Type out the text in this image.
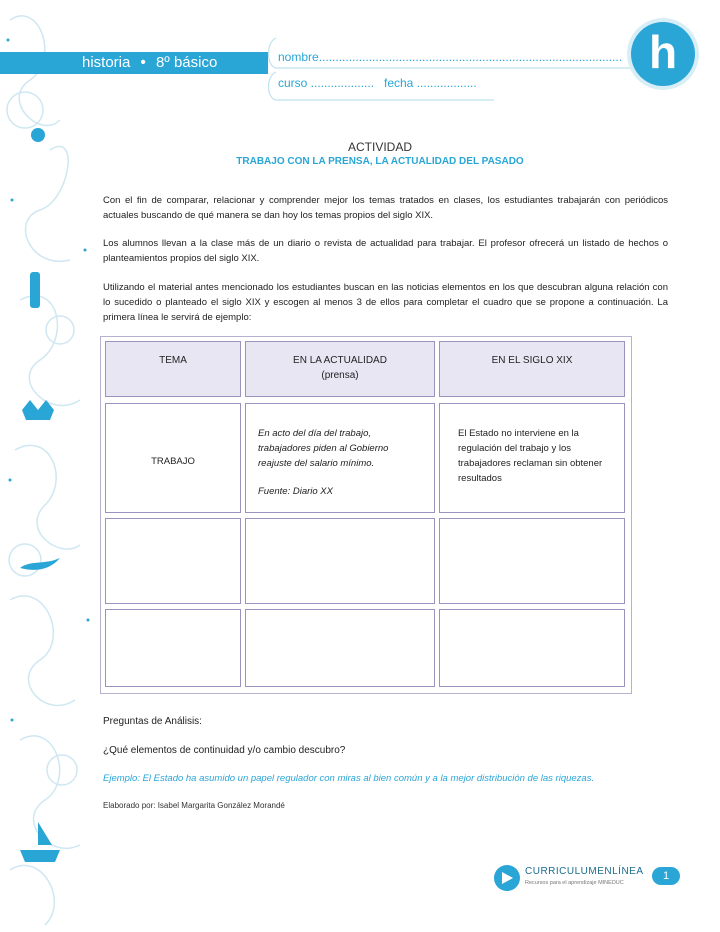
historia • 8º básico	nombre...........................................................................................
curso ................... fecha ..................
h
ACTIVIDAD
TRABAJO CON LA PRENSA, LA ACTUALIDAD DEL PASADO
Con el fin de comparar, relacionar y comprender mejor los temas tratados en clases, los estudiantes trabajarán con periódicos actuales buscando de qué manera se dan hoy los temas propios del siglo XIX.
Los alumnos llevan a la clase más de un diario o revista de actualidad para trabajar. El profesor ofrecerá un listado de hechos o planteamientos propios del siglo XIX.
Utilizando el material antes mencionado los estudiantes buscan en las noticias elementos en los que descubran alguna relación con lo sucedido o planteado el siglo XIX y escogen al menos 3 de ellos para completar el cuadro que se propone a continuación. La primera línea le servirá de ejemplo:
TEMA	EN LA ACTUALIDAD
(prensa)
EN EL SIGLO XIX
TRABAJO
En acto del día del trabajo, trabajadores piden al Gobierno reajuste del salario mínimo.
Fuente: Diario XX
El Estado no interviene en la regulación del trabajo y los trabajadores reclaman sin obtener resultados
Preguntas de Análisis:
¿Qué elementos de continuidad y/o cambio descubro?
Ejemplo: El Estado ha asumido un papel regulador con miras al bien común y a la mejor distribución de las riquezas.
Elaborado por: Isabel Margarita González Morandé
CURRICULUMENLÍNEA
Recursos para el aprendizaje MINEDUC
1
